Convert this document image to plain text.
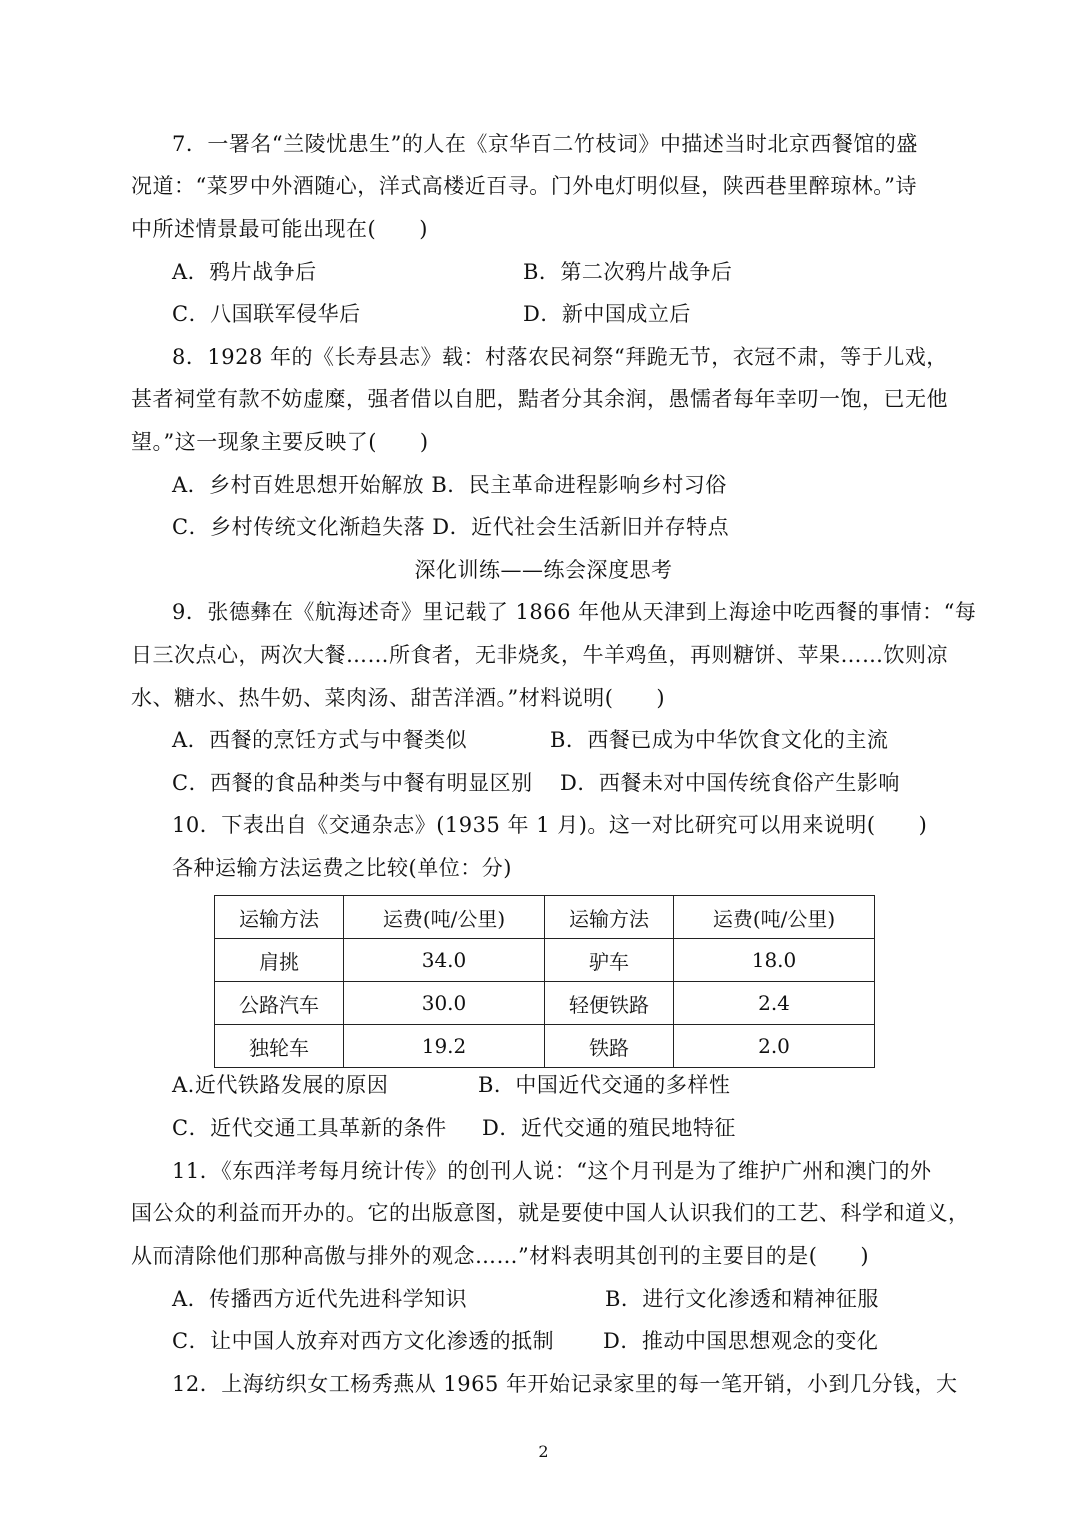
7．一署名“兰陵忧患生”的人在《京华百二竹枝词》中描述当时北京西餐馆的盛
况道：“菜罗中外酒随心，洋式高楼近百寻。门外电灯明似昼，陕西巷里醉琼林。”诗
中所述情景最可能出现在(　　)
A．鸦片战争后	B．第二次鸦片战争后
C．八国联军侵华后	D．新中国成立后
8．1928 年的《长寿县志》载：村落农民祠祭“拜跪无节，衣冠不肃，等于儿戏，
甚者祠堂有款不妨虚糜，强者借以自肥，黠者分其余润，愚懦者每年幸叨一饱，已无他
望。”这一现象主要反映了(　　)
A．乡村百姓思想开始解放 B．民主革命进程影响乡村习俗
C．乡村传统文化渐趋失落 D．近代社会生活新旧并存特点
深化训练——练会深度思考
9．张德彝在《航海述奇》里记载了 1866 年他从天津到上海途中吃西餐的事情：“每
日三次点心，两次大餐……所食者，无非烧炙，牛羊鸡鱼，再则糖饼、苹果……饮则凉
水、糖水、热牛奶、菜肉汤、甜苦洋酒。”材料说明(　　)
A．西餐的烹饪方式与中餐类似	B．西餐已成为中华饮食文化的主流
C．西餐的食品种类与中餐有明显区别 D．西餐未对中国传统食俗产生影响
10．下表出自《交通杂志》(1935 年 1 月)。这一对比研究可以用来说明(　　)
各种运输方法运费之比较(单位：分)
运输方法	运费(吨/公里)	运输方法	运费(吨/公里)
肩挑	34.0	驴车	18.0
公路汽车	30.0	轻便铁路	2.4
独轮车	19.2	铁路	2.0
A.近代铁路发展的原因	B．中国近代交通的多样性
C．近代交通工具革新的条件 D．近代交通的殖民地特征
11．《东西洋考每月统计传》的创刊人说：“这个月刊是为了维护广州和澳门的外
国公众的利益而开办的。它的出版意图，就是要使中国人认识我们的工艺、科学和道义，
从而清除他们那种高傲与排外的观念……”材料表明其创刊的主要目的是(　　)
A．传播西方近代先进科学知识	B．进行文化渗透和精神征服
C．让中国人放弃对西方文化渗透的抵制 D．推动中国思想观念的变化
12．上海纺织女工杨秀燕从 1965 年开始记录家里的每一笔开销，小到几分钱，大
2
